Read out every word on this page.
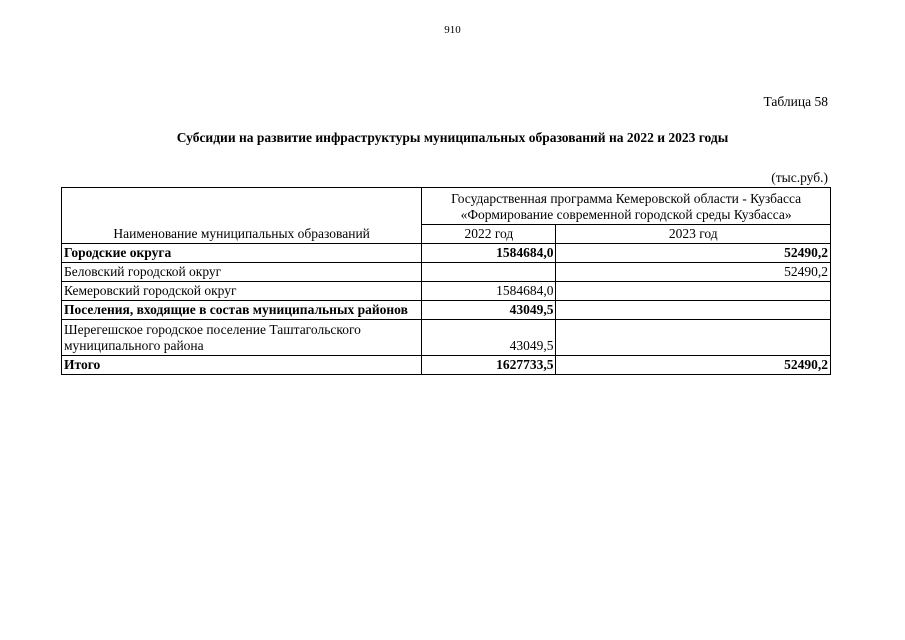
910
Таблица 58
Субсидии на развитие инфраструктуры муниципальных образований на 2022 и 2023 годы
(тыс.руб.)
Наименование муниципальных образований	Государственная программа Кемеровской области - Кузбасса «Формирование современной городской среды Кузбасса»	
	2022 год	2023 год
Городские округа	1584684,0	52490,2
Беловский городской округ		52490,2
Кемеровский городской округ	1584684,0	
Поселения, входящие в состав муниципальных районов	43049,5	
Шерегешское городское поселение Таштагольского муниципального района	43049,5	
Итого	1627733,5	52490,2
